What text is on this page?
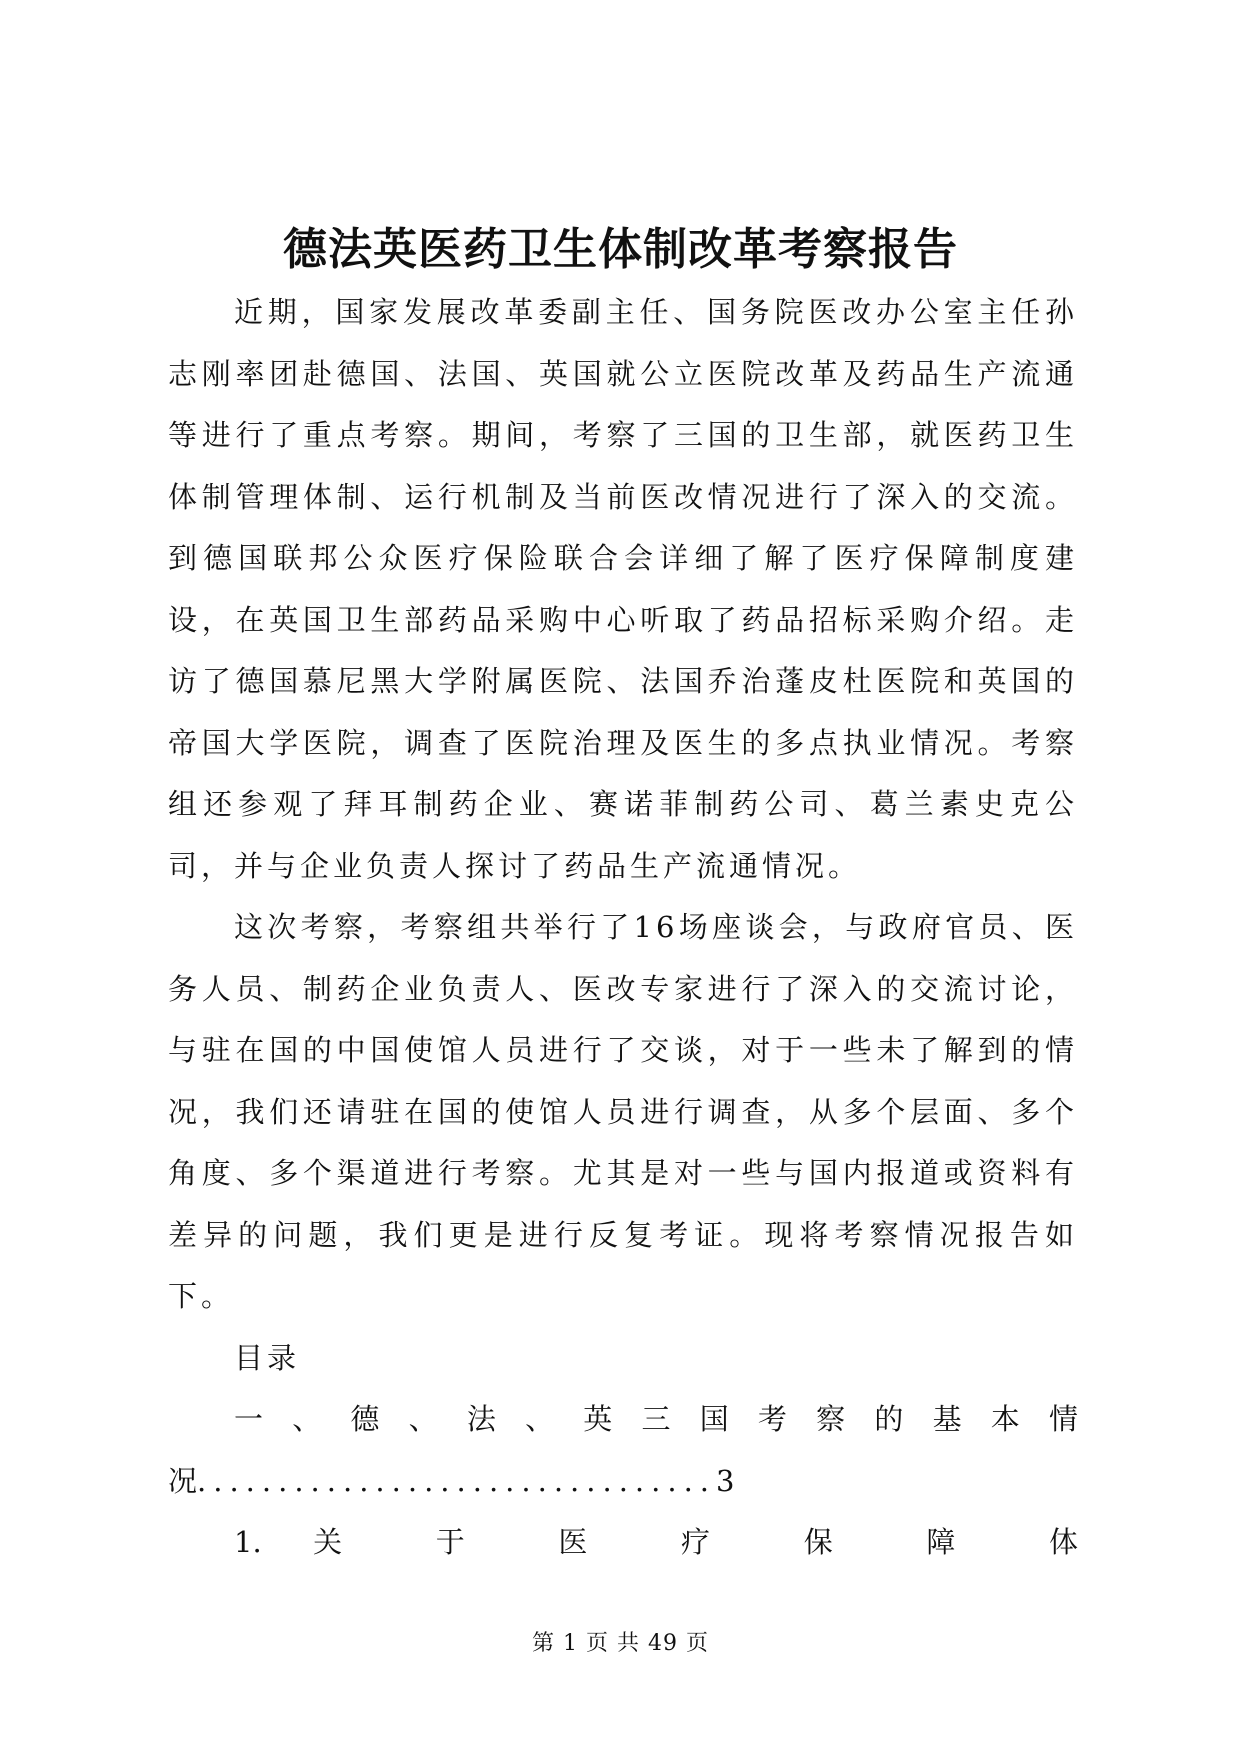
德法英医药卫生体制改革考察报告

近期，国家发展改革委副主任、国务院医改办公室主任孙志刚率团赴德国、法国、英国就公立医院改革及药品生产流通等进行了重点考察。期间，考察了三国的卫生部，就医药卫生体制管理体制、运行机制及当前医改情况进行了深入的交流。到德国联邦公众医疗保险联合会详细了解了医疗保障制度建设，在英国卫生部药品采购中心听取了药品招标采购介绍。走访了德国慕尼黑大学附属医院、法国乔治蓬皮杜医院和英国的帝国大学医院，调查了医院治理及医生的多点执业情况。考察组还参观了拜耳制药企业、赛诺菲制药公司、葛兰素史克公司，并与企业负责人探讨了药品生产流通情况。

这次考察，考察组共举行了16场座谈会，与政府官员、医务人员、制药企业负责人、医改专家进行了深入的交流讨论，与驻在国的中国使馆人员进行了交谈，对于一些未了解到的情况，我们还请驻在国的使馆人员进行调查，从多个层面、多个角度、多个渠道进行考察。尤其是对一些与国内报道或资料有差异的问题，我们更是进行反复考证。现将考察情况报告如下。

目录

一 、 德 、 法 、 英 三 国 考 察 的 基 本 情

况................................3

1. 关 于 医 疗 保 障 体

第 1 页 共 49 页
